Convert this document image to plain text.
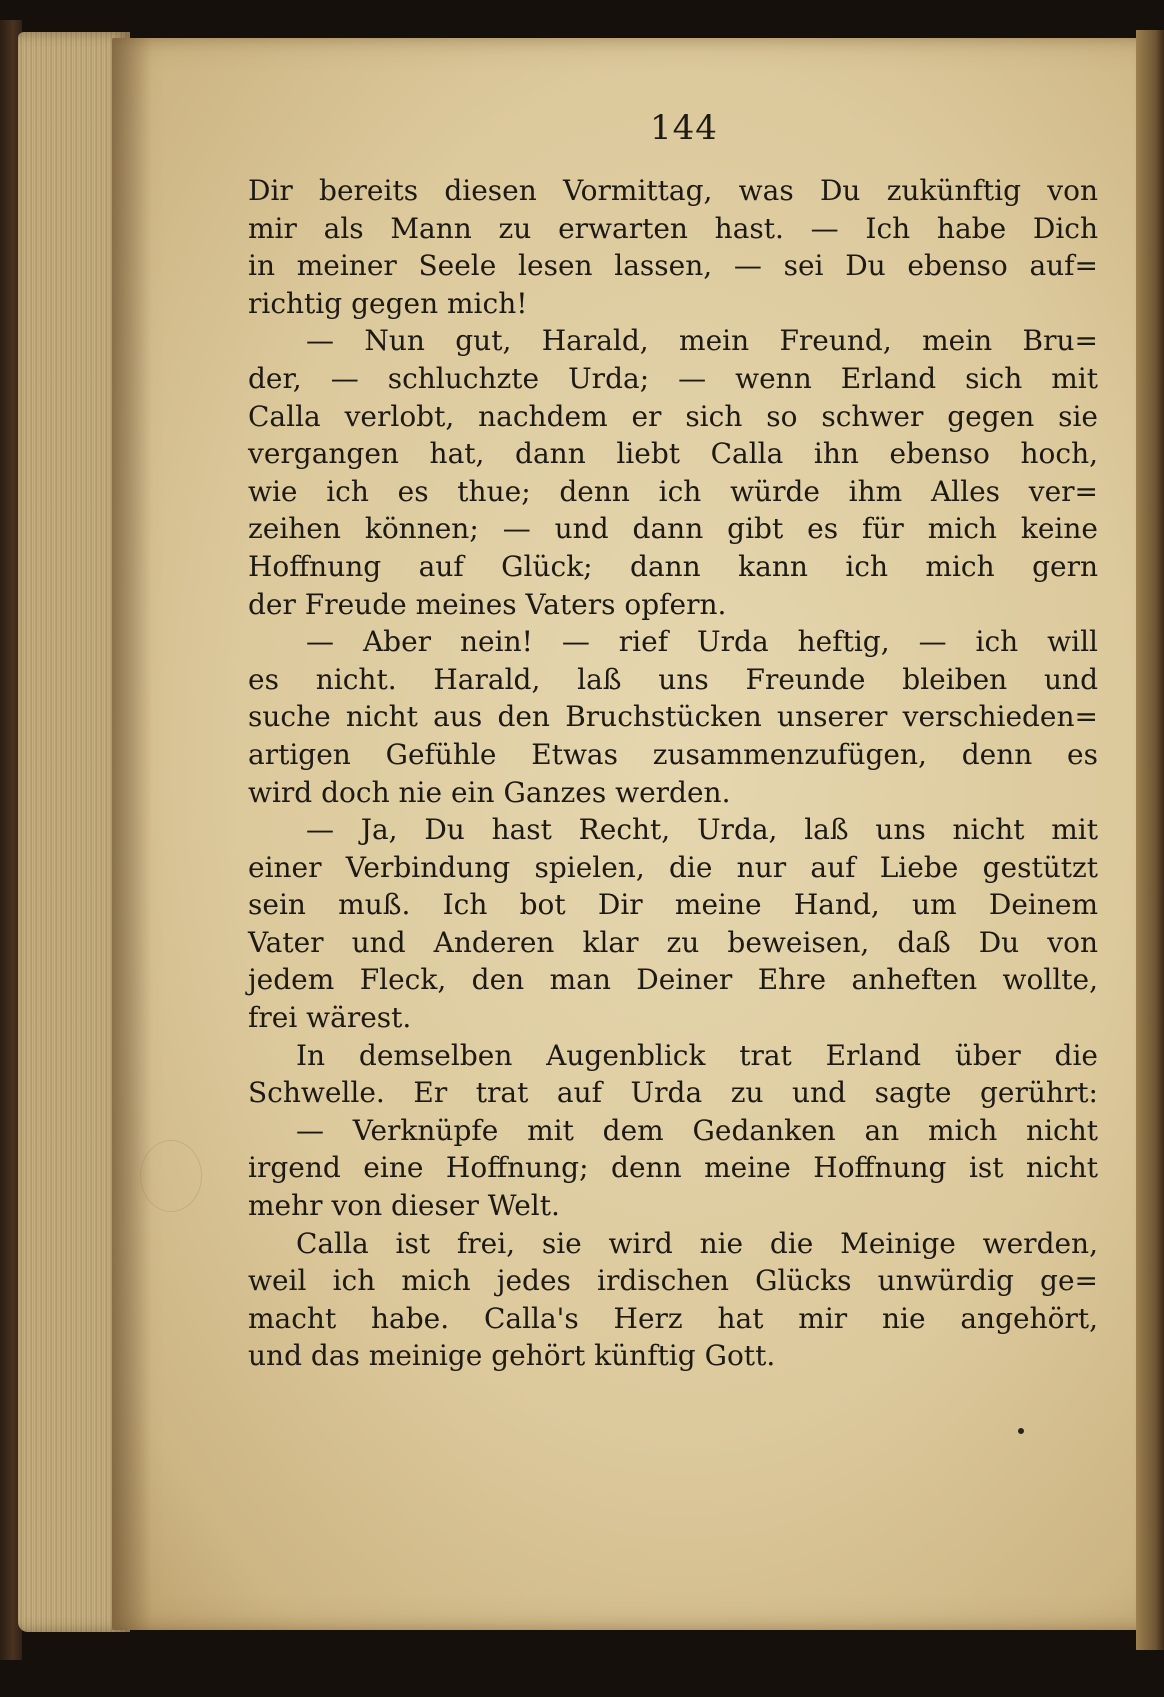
144
Dir bereits diesen Vormittag, was Du zukünftig von
mir als Mann zu erwarten hast. — Ich habe Dich
in meiner Seele lesen lassen, — sei Du ebenso auf=
richtig gegen mich!
— Nun gut, Harald, mein Freund, mein Bru=
der, — schluchzte Urda; — wenn Erland sich mit
Calla verlobt, nachdem er sich so schwer gegen sie
vergangen hat, dann liebt Calla ihn ebenso hoch,
wie ich es thue; denn ich würde ihm Alles ver=
zeihen können; — und dann gibt es für mich keine
Hoffnung auf Glück; dann kann ich mich gern
der Freude meines Vaters opfern.
— Aber nein! — rief Urda heftig, — ich will
es nicht. Harald, laß uns Freunde bleiben und
suche nicht aus den Bruchstücken unserer verschieden=
artigen Gefühle Etwas zusammenzufügen, denn es
wird doch nie ein Ganzes werden.
— Ja, Du hast Recht, Urda, laß uns nicht mit
einer Verbindung spielen, die nur auf Liebe gestützt
sein muß. Ich bot Dir meine Hand, um Deinem
Vater und Anderen klar zu beweisen, daß Du von
jedem Fleck, den man Deiner Ehre anheften wollte,
frei wärest.
In demselben Augenblick trat Erland über die
Schwelle. Er trat auf Urda zu und sagte gerührt:
— Verknüpfe mit dem Gedanken an mich nicht
irgend eine Hoffnung; denn meine Hoffnung ist nicht
mehr von dieser Welt.
Calla ist frei, sie wird nie die Meinige werden,
weil ich mich jedes irdischen Glücks unwürdig ge=
macht habe. Calla's Herz hat mir nie angehört,
und das meinige gehört künftig Gott.
